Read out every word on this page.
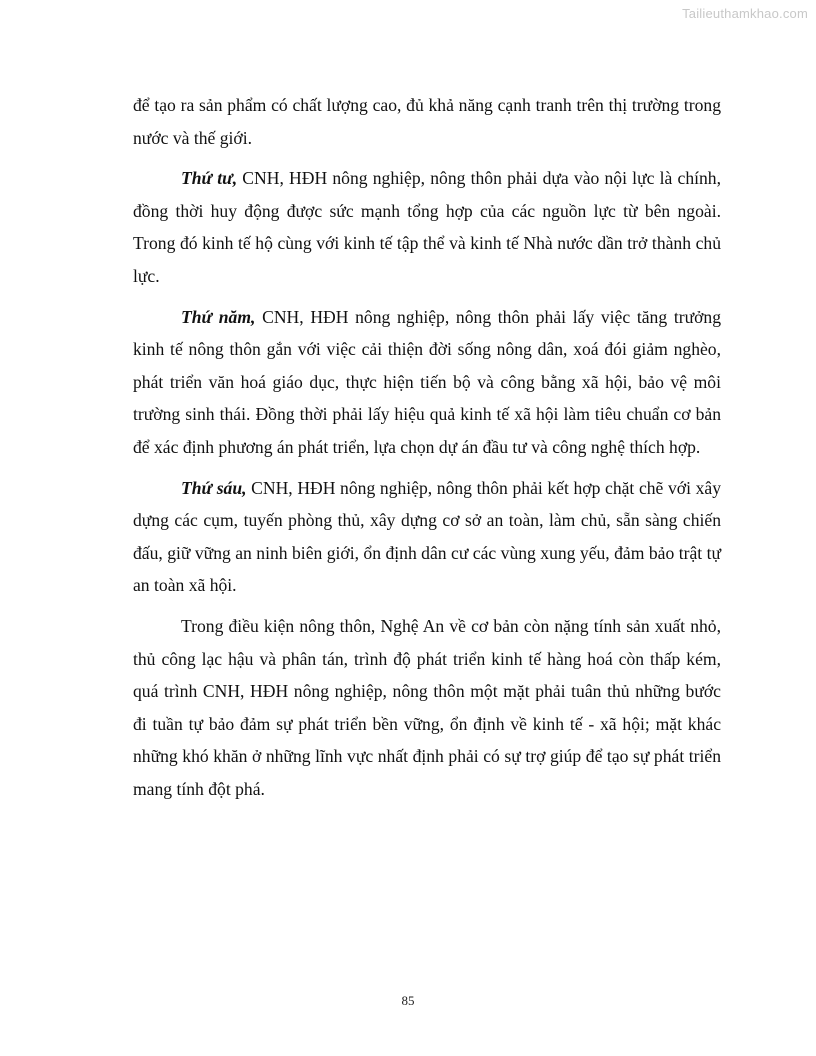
Tailieuthamkhao.com

để tạo ra sản phẩm có chất lượng cao, đủ khả năng cạnh tranh trên thị trường trong nước và thế giới.

Thứ tư, CNH, HĐH nông nghiệp, nông thôn phải dựa vào nội lực là chính, đồng thời huy động được sức mạnh tổng hợp của các nguồn lực từ bên ngoài. Trong đó kinh tế hộ cùng với kinh tế tập thể và kinh tế Nhà nước dần trở thành chủ lực.

Thứ năm, CNH, HĐH nông nghiệp, nông thôn phải lấy việc tăng trưởng kinh tế nông thôn gắn với việc cải thiện đời sống nông dân, xoá đói giảm nghèo, phát triển văn hoá giáo dục, thực hiện tiến bộ và công bằng xã hội, bảo vệ môi trường sinh thái. Đồng thời phải lấy hiệu quả kinh tế xã hội làm tiêu chuẩn cơ bản để xác định phương án phát triển, lựa chọn dự án đầu tư và công nghệ thích hợp.

Thứ sáu, CNH, HĐH nông nghiệp, nông thôn phải kết hợp chặt chẽ với xây dựng các cụm, tuyến phòng thủ, xây dựng cơ sở an toàn, làm chủ, sẵn sàng chiến đấu, giữ vững an ninh biên giới, ổn định dân cư các vùng xung yếu, đảm bảo trật tự an toàn xã hội.

Trong điều kiện nông thôn, Nghệ An về cơ bản còn nặng tính sản xuất nhỏ, thủ công lạc hậu và phân tán, trình độ phát triển kinh tế hàng hoá còn thấp kém, quá trình CNH, HĐH nông nghiệp, nông thôn một mặt phải tuân thủ những bước đi tuần tự bảo đảm sự phát triển bền vững, ổn định về kinh tế - xã hội; mặt khác những khó khăn ở những lĩnh vực nhất định phải có sự trợ giúp để tạo sự phát triển mang tính đột phá.

85
